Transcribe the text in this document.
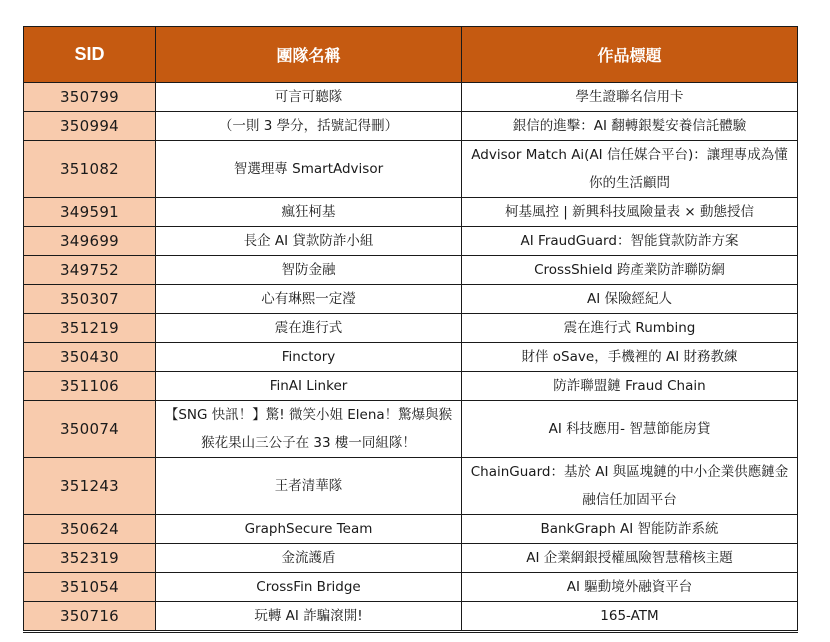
SID	團隊名稱	作品標題
350799	可言可聽隊	學生證聯名信用卡
350994	（一則 3 學分，括號記得刪）	銀信的進擊：AI 翻轉銀髮安養信託體驗
351082	智選理專 SmartAdvisor	Advisor Match Ai(AI 信任媒合平台)：讓理專成為懂你的生活顧問
349591	瘋狂柯基	柯基風控 | 新興科技風險量表 × 動態授信
349699	長企 AI 貸款防詐小組	AI FraudGuard：智能貸款防詐方案
349752	智防金融	CrossShield 跨產業防詐聯防網
350307	心有琳熙一定瀅	AI 保險經紀人
351219	震在進行式	震在進行式 Rumbing
350430	Finctory	財伴 oSave，手機裡的 AI 財務教練
351106	FinAI Linker	防詐聯盟鏈 Fraud Chain
350074	【SNG 快訊！】驚! 微笑小姐 Elena！驚爆與猴猴花果山三公子在 33 樓一同組隊！	AI 科技應用- 智慧節能房貸
351243	王者清華隊	ChainGuard：基於 AI 與區塊鏈的中小企業供應鏈金融信任加固平台
350624	GraphSecure Team	BankGraph AI 智能防詐系統
352319	金流護盾	AI 企業網銀授權風險智慧稽核主題
351054	CrossFin Bridge	AI 驅動境外融資平台
350716	玩轉 AI 詐騙滾開!	165-ATM
